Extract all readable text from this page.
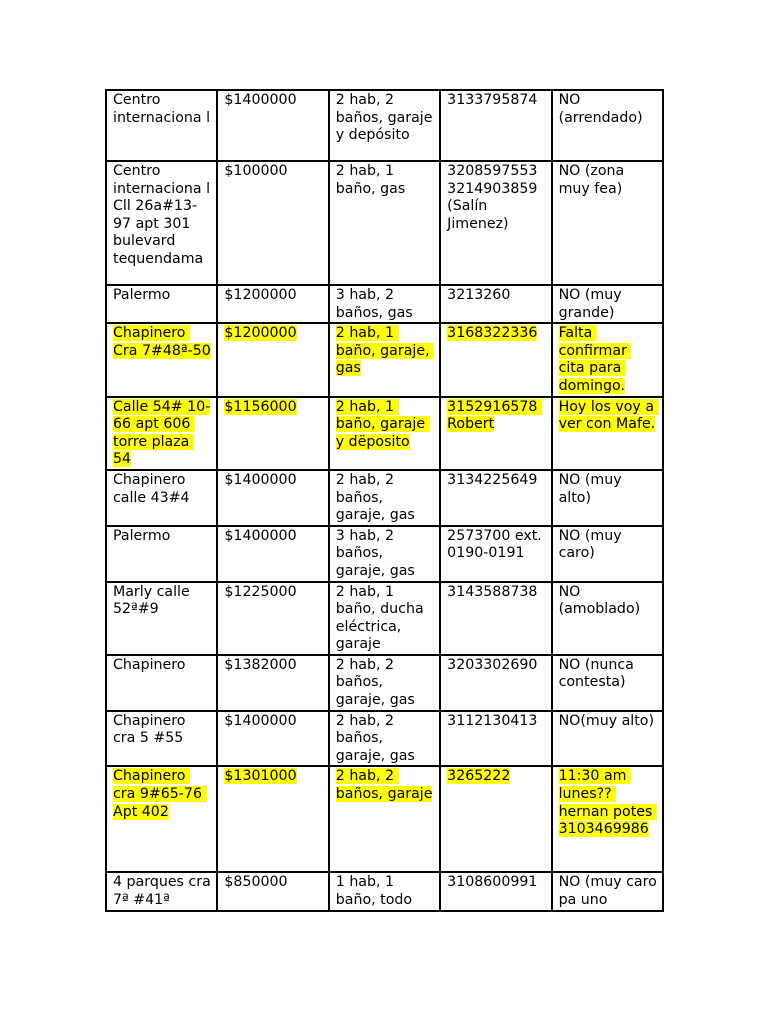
Centro internaciona l	$1400000	2 hab, 2 baños, garaje y depósito	3133795874	NO (arrendado)
Centro internaciona l Cll 26a#13-97 apt 301 bulevard tequendama	$100000	2 hab, 1 baño, gas	3208597553 3214903859 (Salín Jimenez)	NO (zona muy fea)
Palermo	$1200000	3 hab, 2 baños, gas	3213260	NO (muy grande)
Chapinero Cra 7#48ª-50	$1200000	2 hab, 1 baño, garaje, gas	3168322336	Falta confirmar cita para domingo.
Calle 54# 10-66 apt 606 torre plaza 54	$1156000	2 hab, 1 baño, garaje y dëposito	3152916578 Robert	Hoy los voy a ver con Mafe.
Chapinero calle 43#4	$1400000	2 hab, 2 baños, garaje, gas	3134225649	NO (muy alto)
Palermo	$1400000	3 hab, 2 baños, garaje, gas	2573700 ext. 0190-0191	NO (muy caro)
Marly calle 52ª#9	$1225000	2 hab, 1 baño, ducha eléctrica, garaje	3143588738	NO (amoblado)
Chapinero	$1382000	2 hab, 2 baños, garaje, gas	3203302690	NO (nunca contesta)
Chapinero cra 5 #55	$1400000	2 hab, 2 baños, garaje, gas	3112130413	NO(muy alto)
Chapinero cra 9#65-76 Apt 402	$1301000	2 hab, 2 baños, garaje	3265222	11:30 am lunes?? hernan potes 3103469986
4 parques cra 7ª #41ª	$850000	1 hab, 1 baño, todo	3108600991	NO (muy caro pa uno
